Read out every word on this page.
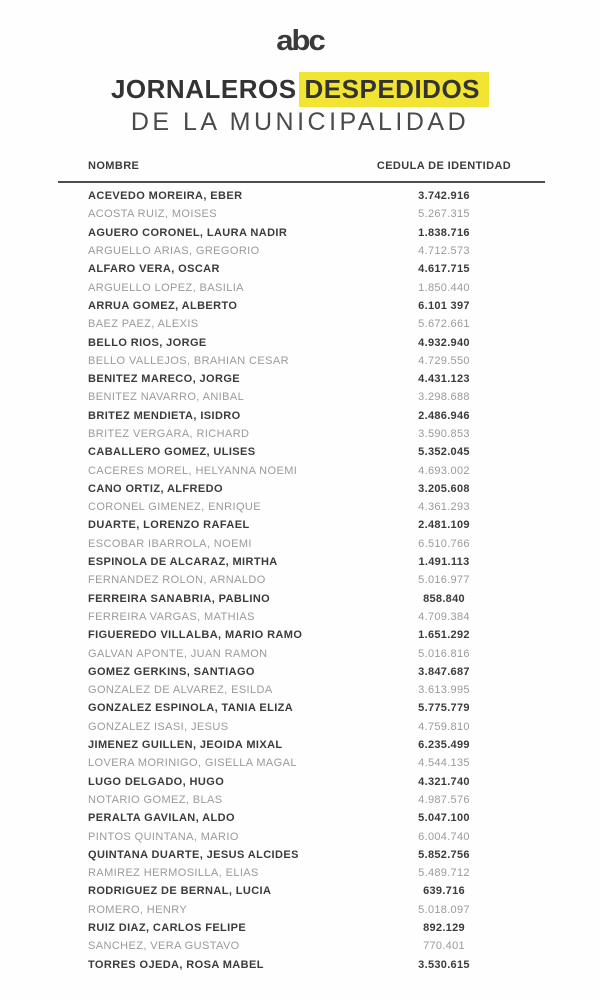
abc
JORNALEROS DESPEDIDOS
DE LA MUNICIPALIDAD
NOMBRE	CEDULA DE IDENTIDAD
ACEVEDO MOREIRA, EBER	3.742.916
ACOSTA RUIZ, MOISES	5.267.315
AGUERO CORONEL, LAURA NADIR	1.838.716
ARGUELLO ARIAS, GREGORIO	4.712.573
ALFARO VERA, OSCAR	4.617.715
ARGUELLO LOPEZ, BASILIA	1.850.440
ARRUA GOMEZ, ALBERTO	6.101 397
BAEZ PAEZ, ALEXIS	5.672.661
BELLO RIOS, JORGE	4.932.940
BELLO VALLEJOS, BRAHIAN CESAR	4.729.550
BENITEZ MARECO, JORGE	4.431.123
BENITEZ NAVARRO, ANIBAL	3.298.688
BRITEZ MENDIETA, ISIDRO	2.486.946
BRITEZ VERGARA, RICHARD	3.590.853
CABALLERO GOMEZ, ULISES	5.352.045
CACERES MOREL, HELYANNA NOEMI	4.693.002
CANO ORTIZ, ALFREDO	3.205.608
CORONEL GIMENEZ, ENRIQUE	4.361.293
DUARTE, LORENZO RAFAEL	2.481.109
ESCOBAR IBARROLA, NOEMI	6.510.766
ESPINOLA DE ALCARAZ, MIRTHA	1.491.113
FERNANDEZ ROLON, ARNALDO	5.016.977
FERREIRA SANABRIA, PABLINO	858.840
FERREIRA VARGAS, MATHIAS	4.709.384
FIGUEREDO VILLALBA, MARIO RAMO	1.651.292
GALVAN APONTE, JUAN RAMON	5.016.816
GOMEZ GERKINS, SANTIAGO	3.847.687
GONZALEZ DE ALVAREZ, ESILDA	3.613.995
GONZALEZ ESPINOLA, TANIA ELIZA	5.775.779
GONZALEZ ISASI, JESUS	4.759.810
JIMENEZ GUILLEN, JEOIDA MIXAL	6.235.499
LOVERA MORINIGO, GISELLA MAGAL	4.544.135
LUGO DELGADO, HUGO	4.321.740
NOTARIO GOMEZ, BLAS	4.987.576
PERALTA GAVILAN, ALDO	5.047.100
PINTOS QUINTANA, MARIO	6.004.740
QUINTANA DUARTE, JESUS ALCIDES	5.852.756
RAMIREZ HERMOSILLA, ELIAS	5.489.712
RODRIGUEZ DE BERNAL, LUCIA	639.716
ROMERO, HENRY	5.018.097
RUIZ DIAZ, CARLOS FELIPE	892.129
SANCHEZ, VERA GUSTAVO	770.401
TORRES OJEDA, ROSA MABEL	3.530.615
